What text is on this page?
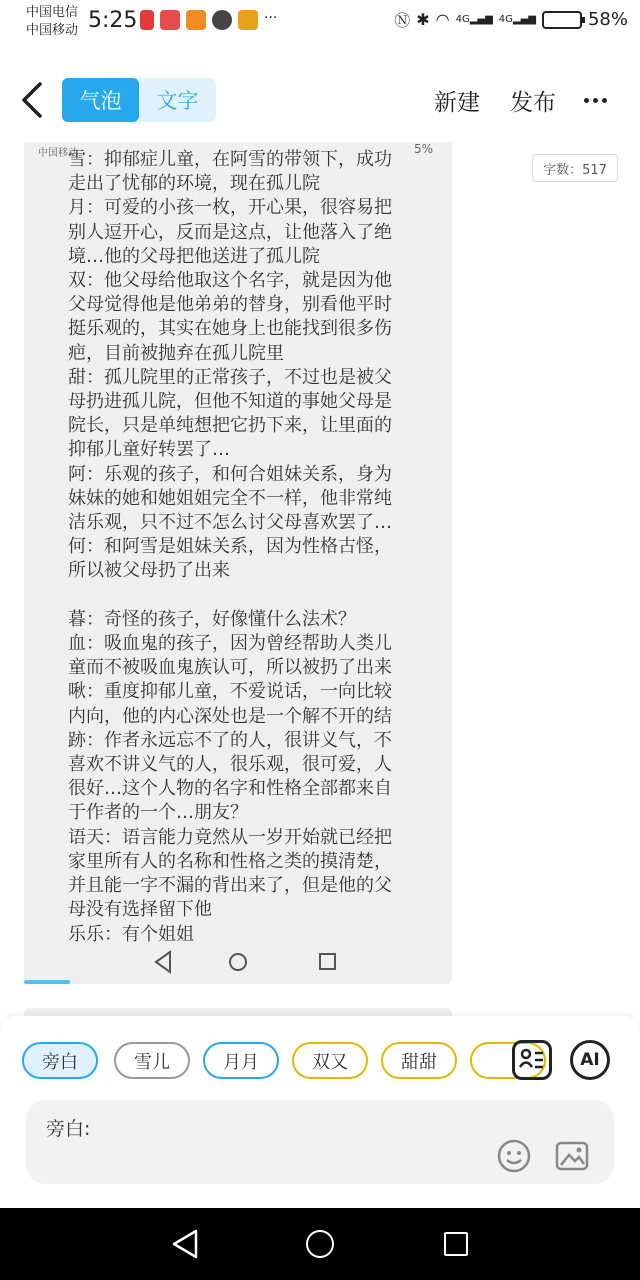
中国电信
中国移动 5:25	···	Ⓝ ✱ ◠ 4G▂▄▆ 4G▂▄▆	58%
气泡	文字	新建 发布
中国移动	5%
雪：抑郁症儿童，在阿雪的带领下，成功
走出了忧郁的环境，现在孤儿院
月：可爱的小孩一枚，开心果，很容易把
别人逗开心，反而是这点，让他落入了绝
境…他的父母把他送进了孤儿院
双：他父母给他取这个名字，就是因为他
父母觉得他是他弟弟的替身，别看他平时
挺乐观的，其实在她身上也能找到很多伤
疤，目前被抛弃在孤儿院里
甜：孤儿院里的正常孩子，不过也是被父
母扔进孤儿院，但他不知道的事她父母是
院长，只是单纯想把它扔下来，让里面的
抑郁儿童好转罢了…
阿：乐观的孩子，和何合姐妹关系，身为
妹妹的她和她姐姐完全不一样，他非常纯
洁乐观，只不过不怎么讨父母喜欢罢了…
何：和阿雪是姐妹关系，因为性格古怪，
所以被父母扔了出来

暮：奇怪的孩子，好像懂什么法术？
血：吸血鬼的孩子，因为曾经帮助人类儿
童而不被吸血鬼族认可，所以被扔了出来
啾：重度抑郁儿童，不爱说话，一向比较
内向，他的内心深处也是一个解不开的结
跡：作者永远忘不了的人，很讲义气，不
喜欢不讲义气的人，很乐观，很可爱，人
很好…这个人物的名字和性格全部都来自
于作者的一个…朋友？
语天：语言能力竟然从一岁开始就已经把
家里所有人的名称和性格之类的摸清楚，
并且能一字不漏的背出来了，但是他的父
母没有选择留下他
乐乐：有个姐姐
字数：517
旁白	雪儿	月月	双又	甜甜	AI
旁白:
